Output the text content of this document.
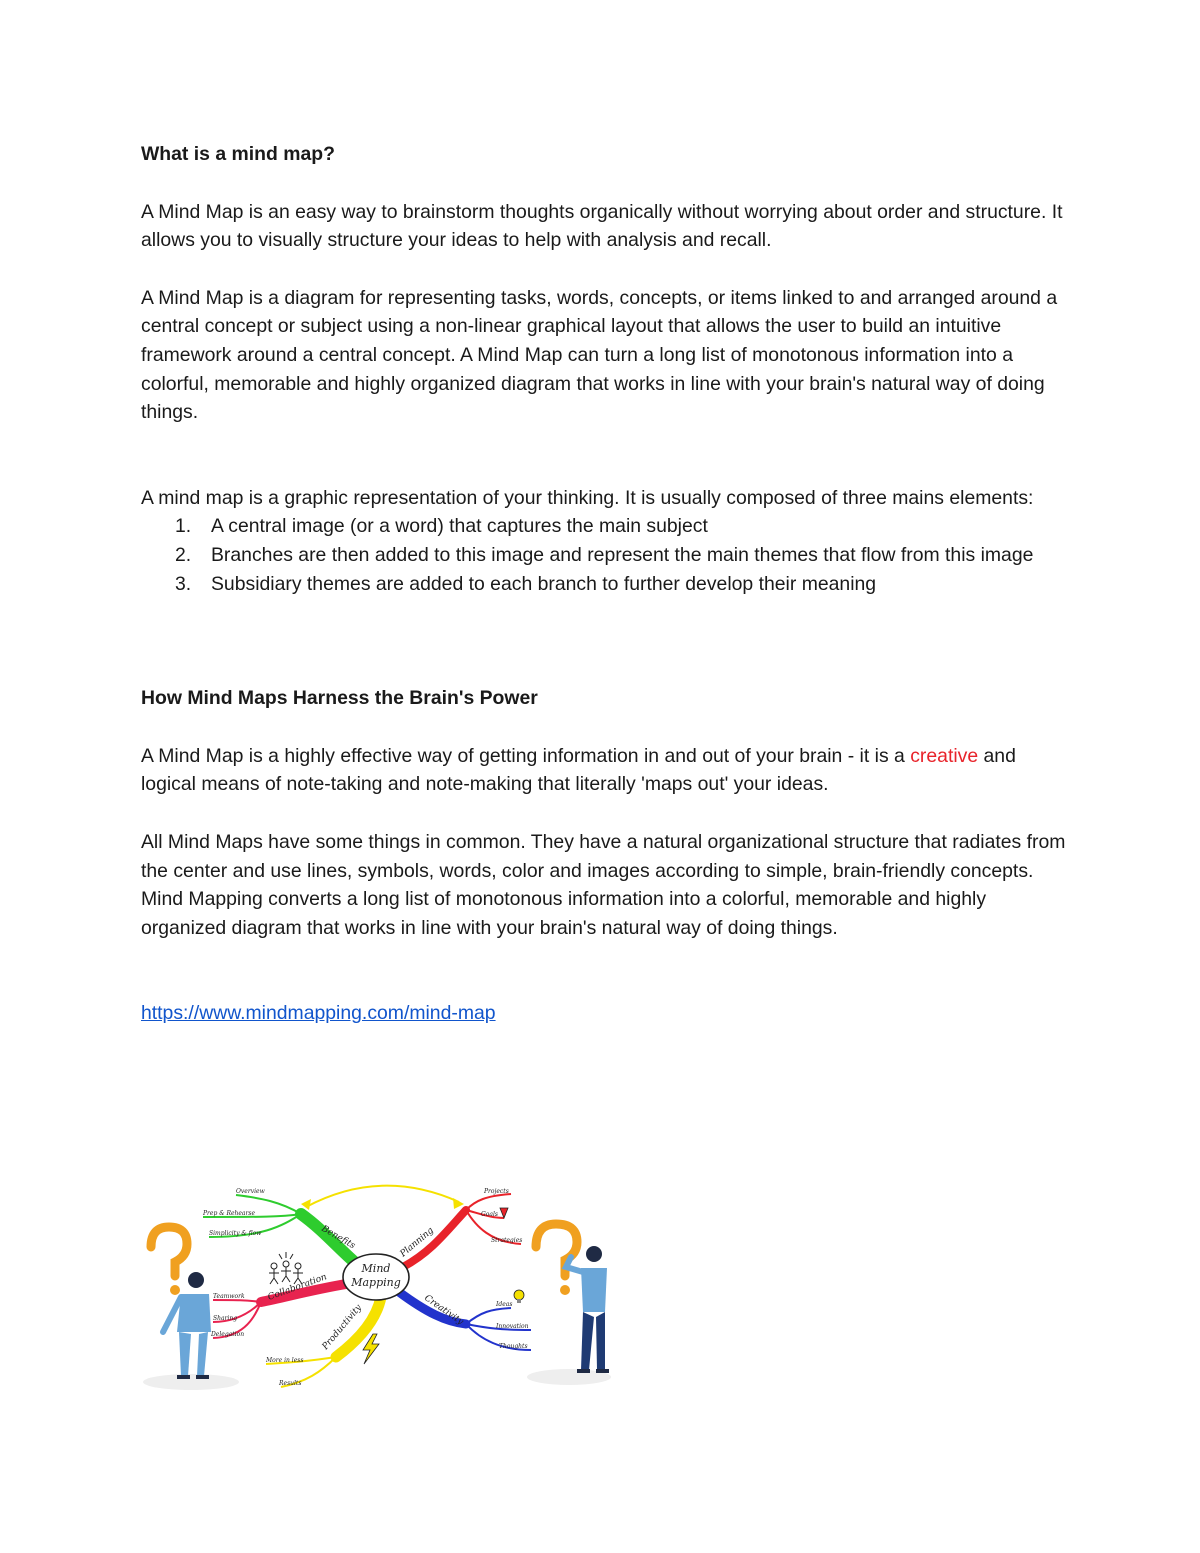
What is a mind map?

A Mind Map is an easy way to brainstorm thoughts organically without worrying about order and structure. It allows you to visually structure your ideas to help with analysis and recall.

A Mind Map is a diagram for representing tasks, words, concepts, or items linked to and arranged around a central concept or subject using a non-linear graphical layout that allows the user to build an intuitive framework around a central concept. A Mind Map can turn a long list of monotonous information into a colorful, memorable and highly organized diagram that works in line with your brain's natural way of doing things.

A mind map is a graphic representation of your thinking. It is usually composed of three mains elements:

1. A central image (or a word) that captures the main subject
2. Branches are then added to this image and represent the main themes that flow from this image
3. Subsidiary themes are added to each branch to further develop their meaning

How Mind Maps Harness the Brain's Power

A Mind Map is a highly effective way of getting information in and out of your brain - it is a creative and logical means of note-taking and note-making that literally 'maps out' your ideas.

All Mind Maps have some things in common. They have a natural organizational structure that radiates from the center and use lines, symbols, words, color and images according to simple, brain-friendly concepts. Mind Mapping converts a long list of monotonous information into a colorful, memorable and highly organized diagram that works in line with your brain's natural way of doing things.

https://www.mindmapping.com/mind-map

Mind
Mapping
Benefits	Planning
Collaboration
Creativity
Productivity
Overview
Prep & Rehearse
Simplicity & flow
Projects
Goals
Strategies
Teamwork
Sharing
Delegation
Ideas
Innovation
Thoughts
More in less
Results
